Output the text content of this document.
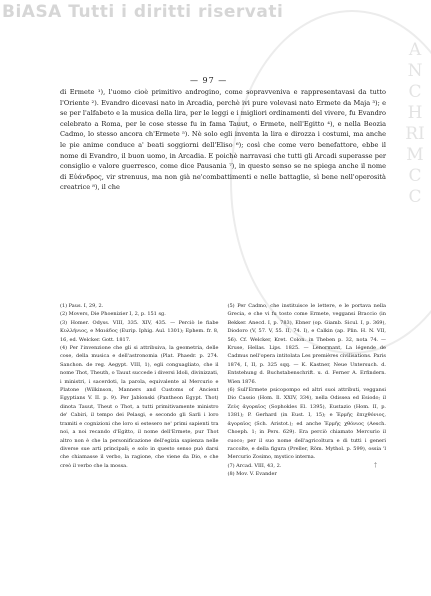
ANCHRIMCC
BiASA Tutti i diritti riservati
— 97 —

di Ermete ¹), l'uomo cioè primitivo androgino, come sopravveniva e rappresentavasi da tutto l'Oriente ²). Evandro dicevasi nato in Arcadia, perchè ivi pure volevasi nato Ermete da Maja ³); e se per l'alfabeto e la musica della lira, per le leggi e i migliori ordinamenti del vivere, fu Evandro celebrato a Roma, per le cose stesse fu in fama Tauut, o Ermete, nell'Egitto ⁴), e nella Beozia Cadmo, lo stesso ancora ch'Ermete ⁵). Nè solo egli inventa la lira e dirozza i costumi, ma anche le pie anime conduce a' beati soggiorni dell'Eliso ⁶); così che come vero benefattore, ebbe il nome di Evandro, il buon uomo, in Arcadia. E poichè narravasi che tutti gli Arcadi superasse per consiglio e valore guerresco, come dice Pausania ⁷), in questo senso se ne spiega anche il nome di Εὐάνδρος, vir strenuus, ma non già ne'combattimenti e nelle battaglie, sì bene nell'operosità creatrice ⁸), il che

(1) Paus. I, 29, 2.

(2) Movers, Die Phoenizier I, 2, p. 151 sg.

(3) Homer. Odyss. VIII, 335. XIV, 435. — Perciò le fiabe Κυλλήνιος, e Μαιάδος (Eurip. Iphig. Aul. 1301); Ephem. fr. 8, 16, ed. Welcker. Gott. 1817.

(4) Per l'invenzione che gli si attribuiva, la geometria, delle cose, della musica e dell'astronomia (Plat. Phaedr. p. 274. Sanchon. de reg. Aegypt. VIII, 1), egli conguagliato, che il nome Thot, Theuth, o Tauut succede i diversi Idoli, divinizzati, i ministri, i sacerdoti, la parola, equivalente al Mercurio e Platone (Wilkinson, Manners and Customs of Ancient Egyptians V. II. p. 9). Per Jablonski (Pantheon Egypt. Thot) dinota Tauut, Theut o Thot, a tutti primitivamente ministro de' Cabiri, il tempo dei Pelasgi, e secondo gli Sarli i loro tramiti e cognizioni che loro si estesero ne' primi sapienti tra noi, a noi recando d'Egitto, il nome dell'Ermete, pur Thot altro non è che la personificazione dell'egizia sapienza nelle diverse sue arti principali; e solo in questo senso può darsi che chiamasse il verbo, la ragione, che viene da Dio, e che creò il verbo che la mossa.

(5) Per Cadmo, che instituisce le lettere, e le portava nella Grecia, e che vi fu tosto come Ermete, veggansi Braccio (in Bekker. Anecd. I, p. 783), Ebner (op. Giamb. Sicul. I, p. 369), Diodoro (V, 57. V, 55. II, 74. I), e Calkin (ap. Plin. H. N. VII, 56). Cf. Welcker, Kret. Colon. in Theben p. 32, nota 74. — Kruse, Hellas. Lips. 1825. — Lenormant, La légende de Cadmus nell'opera intitolata Les premières civilisations. Paris 1874, I, II, p. 325 sqq. — K. Kastner, Neue Untersuch. d. Entstehung d. Buchstabenschrift. u. d. Ferner A. Erfindern. Wien 1876.

(6) Sull'Ermete psicopompo ed altri suoi attributi, veggansi Dio Cassio (Hom. Il. XXIV, 334), nella Odissea ed Esiodo; il Ζεὺς ἀγοραῖος (Sophokles El. 1395), Eustazio (Hom. II, p. 1381); P. Gerhard (in Eust. I, 15); e Ἑρμῆς ἐπιχθόνιος, ἀγοραῖος (Sch. Aristot.); ed anche Ἑρμῆς χθόνιος (Aesch. Choeph. 1; in Pers. 629). Era perciò chiamato Mercurio il cuoco; per il suo nome dell'agricoltura e di tutti i generi raccolte, e della figura (Preller, Röm. Mythol. p. 599), ossia 'l Mercurio Zosimo, mystico interna.

(7) Arcad. VIII, 43, 2.

(8) Mov. V. Evander

†
